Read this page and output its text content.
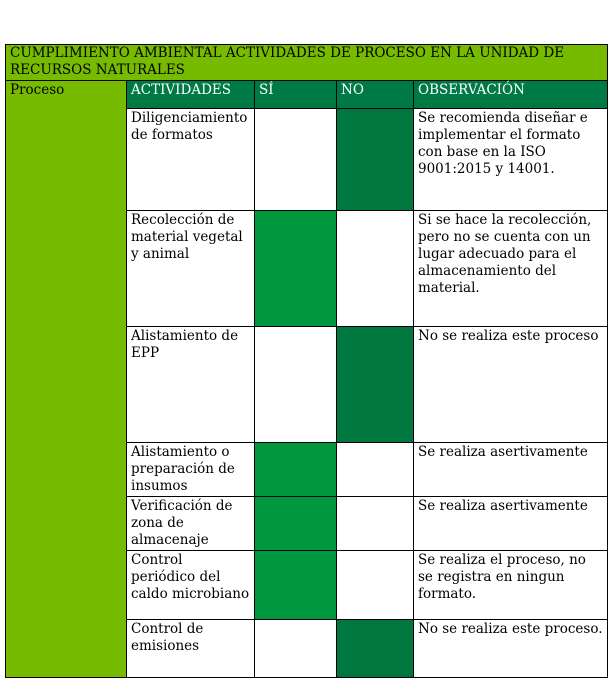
CUMPLIMIENTO AMBIENTAL ACTIVIDADES DE PROCESO EN LA UNIDAD DE RECURSOS NATURALES				
Proceso	ACTIVIDADES	SÍ	NO	OBSERVACIÓN
	Diligenciamiento de formatos			Se recomienda diseñar e implementar el formato con base en la ISO 9001:2015 y 14001.
	Recolección de material vegetal y animal			Si se hace la recolección, pero no se cuenta con un lugar adecuado para el almacenamiento del material.
	Alistamiento de EPP			No se realiza este proceso
	Alistamiento o preparación de insumos			Se realiza asertivamente
	Verificación de zona de almacenaje			Se realiza asertivamente
	Control periódico del caldo microbiano			Se realiza el proceso, no se registra en ningun formato.
	Control de emisiones			No se realiza este proceso.
